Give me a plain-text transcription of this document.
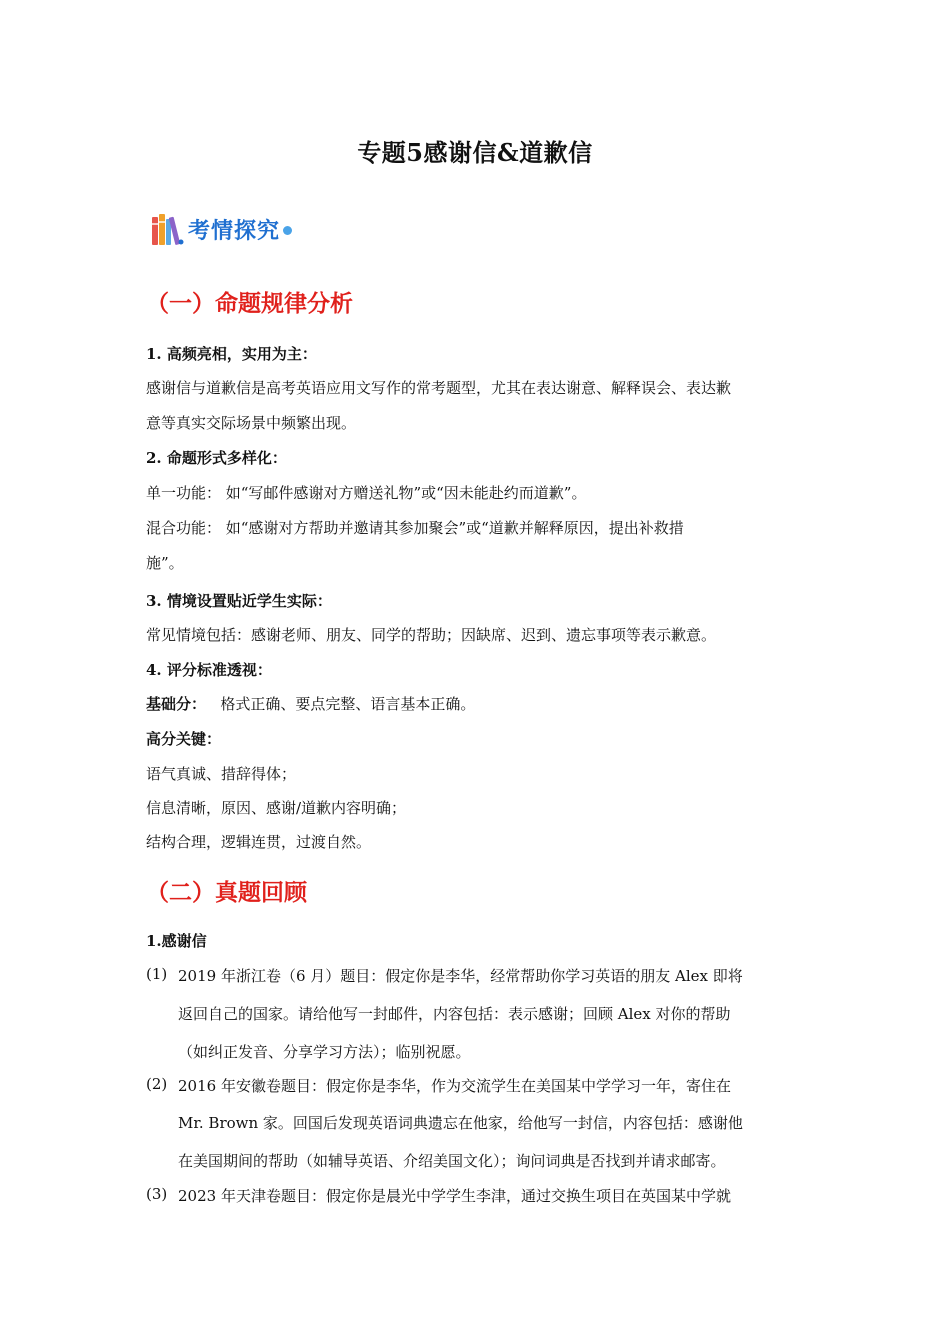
专题5感谢信&道歉信
考情探究
（一）命题规律分析
1. 高频亮相，实用为主：
感谢信与道歉信是高考英语应用文写作的常考题型，尤其在表达谢意、解释误会、表达歉
意等真实交际场景中频繁出现。
2. 命题形式多样化：
单一功能： 如“写邮件感谢对方赠送礼物”或“因未能赴约而道歉”。
混合功能： 如“感谢对方帮助并邀请其参加聚会”或“道歉并解释原因，提出补救措
施”。
3. 情境设置贴近学生实际：
常见情境包括：感谢老师、朋友、同学的帮助；因缺席、迟到、遗忘事项等表示歉意。
4. 评分标准透视：
基础分： 格式正确、要点完整、语言基本正确。
高分关键：
语气真诚、措辞得体；
信息清晰，原因、感谢/道歉内容明确；
结构合理，逻辑连贯，过渡自然。
（二）真题回顾
1.感谢信
(1) 2019 年浙江卷（6 月）题目：假定你是李华，经常帮助你学习英语的朋友 Alex 即将
返回自己的国家。请给他写一封邮件，内容包括：表示感谢；回顾 Alex 对你的帮助
（如纠正发音、分享学习方法）；临别祝愿。
(2) 2016 年安徽卷题目：假定你是李华，作为交流学生在美国某中学学习一年，寄住在
Mr. Brown 家。回国后发现英语词典遗忘在他家，给他写一封信，内容包括：感谢他
在美国期间的帮助（如辅导英语、介绍美国文化）；询问词典是否找到并请求邮寄。
(3) 2023 年天津卷题目：假定你是晨光中学学生李津，通过交换生项目在英国某中学就
